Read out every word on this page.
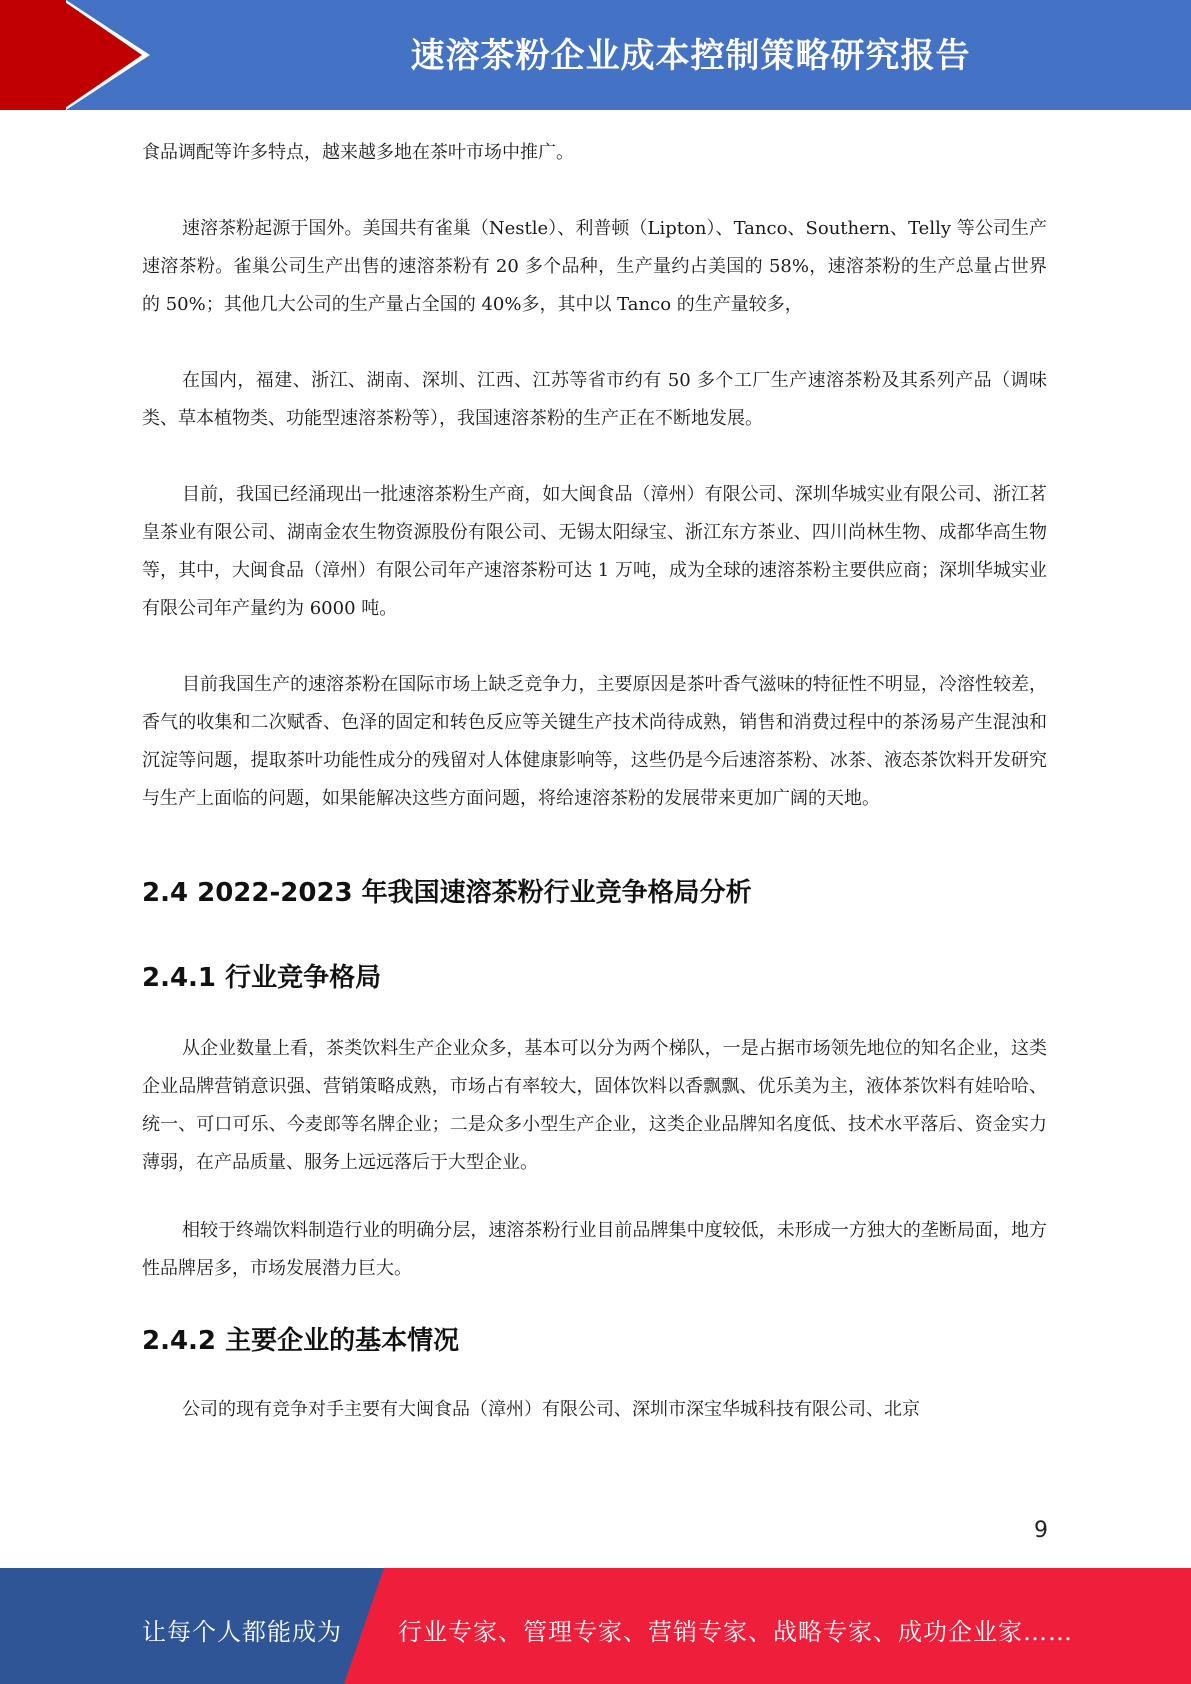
速溶茶粉企业成本控制策略研究报告

食品调配等许多特点，越来越多地在茶叶市场中推广。

速溶茶粉起源于国外。美国共有雀巢（Nestle）、利普顿（Lipton）、Tanco、Southern、Telly 等公司生产速溶茶粉。雀巢公司生产出售的速溶茶粉有 20 多个品种，生产量约占美国的 58%，速溶茶粉的生产总量占世界的 50%；其他几大公司的生产量占全国的 40%多，其中以 Tanco 的生产量较多，

在国内，福建、浙江、湖南、深圳、江西、江苏等省市约有 50 多个工厂生产速溶茶粉及其系列产品（调味类、草本植物类、功能型速溶茶粉等），我国速溶茶粉的生产正在不断地发展。

目前，我国已经涌现出一批速溶茶粉生产商，如大闽食品（漳州）有限公司、深圳华城实业有限公司、浙江茗皇茶业有限公司、湖南金农生物资源股份有限公司、无锡太阳绿宝、浙江东方茶业、四川尚林生物、成都华高生物等，其中，大闽食品（漳州）有限公司年产速溶茶粉可达 1 万吨，成为全球的速溶茶粉主要供应商；深圳华城实业有限公司年产量约为 6000 吨。

目前我国生产的速溶茶粉在国际市场上缺乏竞争力，主要原因是茶叶香气滋味的特征性不明显，冷溶性较差，香气的收集和二次赋香、色泽的固定和转色反应等关键生产技术尚待成熟，销售和消费过程中的茶汤易产生混浊和沉淀等问题，提取茶叶功能性成分的残留对人体健康影响等，这些仍是今后速溶茶粉、冰茶、液态茶饮料开发研究与生产上面临的问题，如果能解决这些方面问题，将给速溶茶粉的发展带来更加广阔的天地。

2.4 2022-2023 年我国速溶茶粉行业竞争格局分析
2.4.1 行业竞争格局

从企业数量上看，茶类饮料生产企业众多，基本可以分为两个梯队，一是占据市场领先地位的知名企业，这类企业品牌营销意识强、营销策略成熟，市场占有率较大，固体饮料以香飘飘、优乐美为主，液体茶饮料有娃哈哈、统一、可口可乐、今麦郎等名牌企业；二是众多小型生产企业，这类企业品牌知名度低、技术水平落后、资金实力薄弱，在产品质量、服务上远远落后于大型企业。

相较于终端饮料制造行业的明确分层，速溶茶粉行业目前品牌集中度较低，未形成一方独大的垄断局面，地方性品牌居多，市场发展潜力巨大。

2.4.2 主要企业的基本情况

公司的现有竞争对手主要有大闽食品（漳州）有限公司、深圳市深宝华城科技有限公司、北京

9
让每个人都能成为 行业专家、管理专家、营销专家、战略专家、成功企业家……
